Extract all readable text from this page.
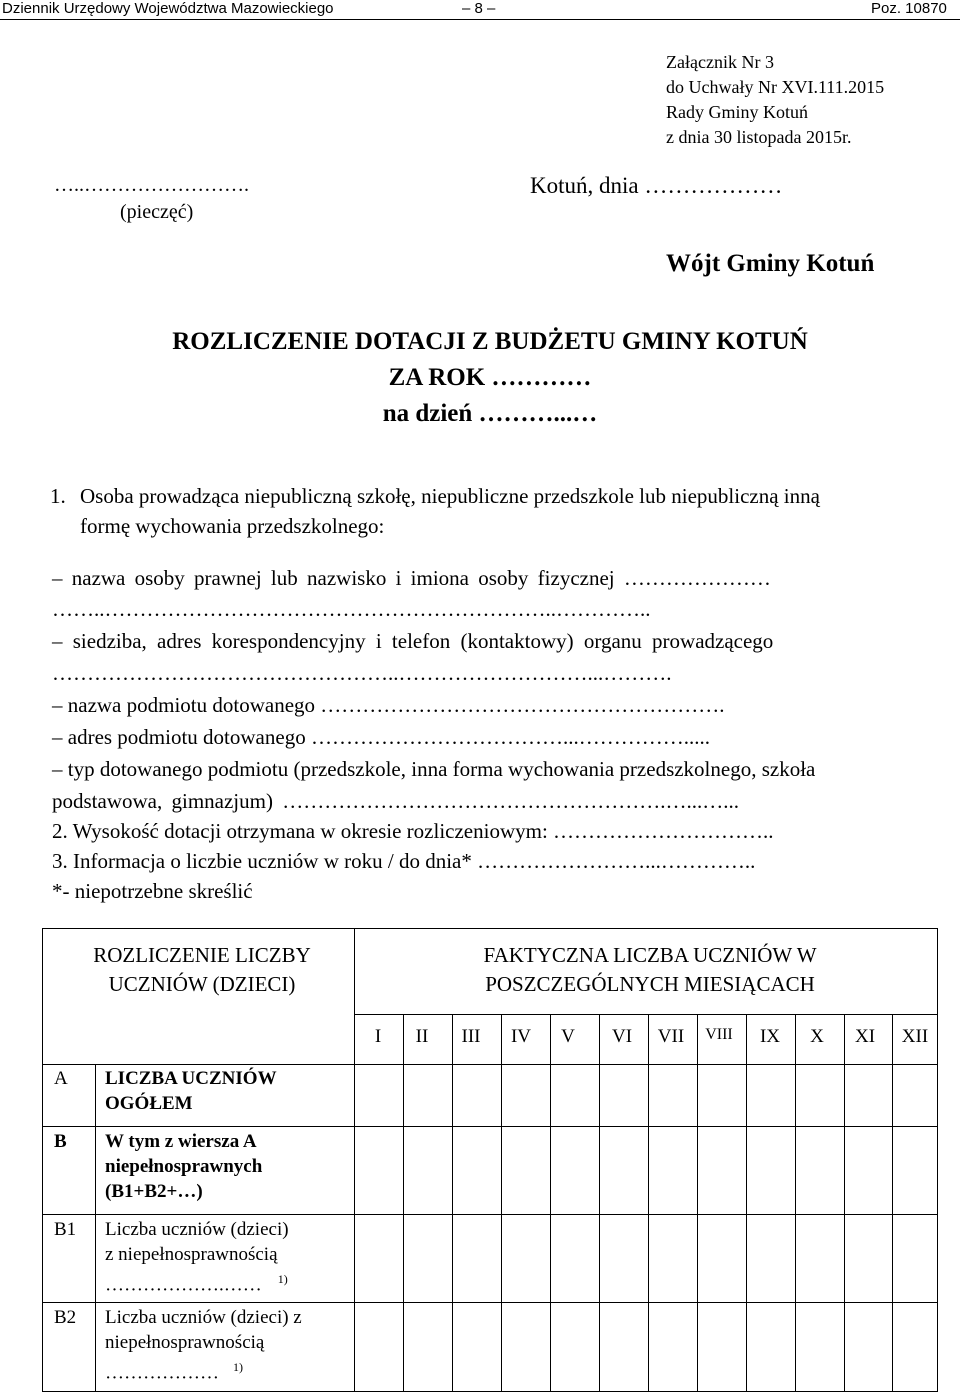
Dziennik Urzędowy Województwa Mazowieckiego	– 8 –	Poz. 10870
Załącznik Nr 3
do Uchwały Nr XVI.111.2015
Rady Gminy Kotuń
z dnia 30 listopada 2015r.
…..…………………….
(pieczęć)
Kotuń, dnia ………………
Wójt Gminy Kotuń
ROZLICZENIE DOTACJI Z BUDŻETU GMINY KOTUŃ
ZA ROK …………
na dzień ………...…
1. Osoba prowadząca niepubliczną szkołę, niepubliczne przedszkole lub niepubliczną inną
formę wychowania przedszkolnego:
– nazwa osoby prawnej lub nazwisko i imiona osoby fizycznej …………………
……..………………………………………………………..…………..
– siedziba, adres korespondencyjny i telefon (kontaktowy) organu prowadzącego
…………………………………………..………………………...……….
– nazwa podmiotu dotowanego ………………………………………………….
– adres podmiotu dotowanego ………………………………...…………….....
– typ dotowanego podmiotu (przedszkole, inna forma wychowania przedszkolnego, szkoła
podstawowa, gimnazjum) ……………………………………………….…...…...
2. Wysokość dotacji otrzymana w okresie rozliczeniowym: …………………………..
3. Informacja o liczbie uczniów w roku / do dnia* ……………………...…………..
*- niepotrzebne skreślić
ROZLICZENIE LICZBY
UCZNIÓW (DZIECI)
FAKTYCZNA LICZBA UCZNIÓW W
POSZCZEGÓLNYCH MIESIĄCACH
I	II	III	IV	V	VI	VII	VIII	IX	X	XI	XII
A LICZBA UCZNIÓW
OGÓŁEM
B W tym z wiersza A
niepełnosprawnych
(B1+B2+…)
B1 Liczba uczniów (dzieci)
z niepełnosprawnością
……………….…… $^{1)}$
B2 Liczba uczniów (dzieci) z
niepełnosprawnością
……………… $^{1)}$
